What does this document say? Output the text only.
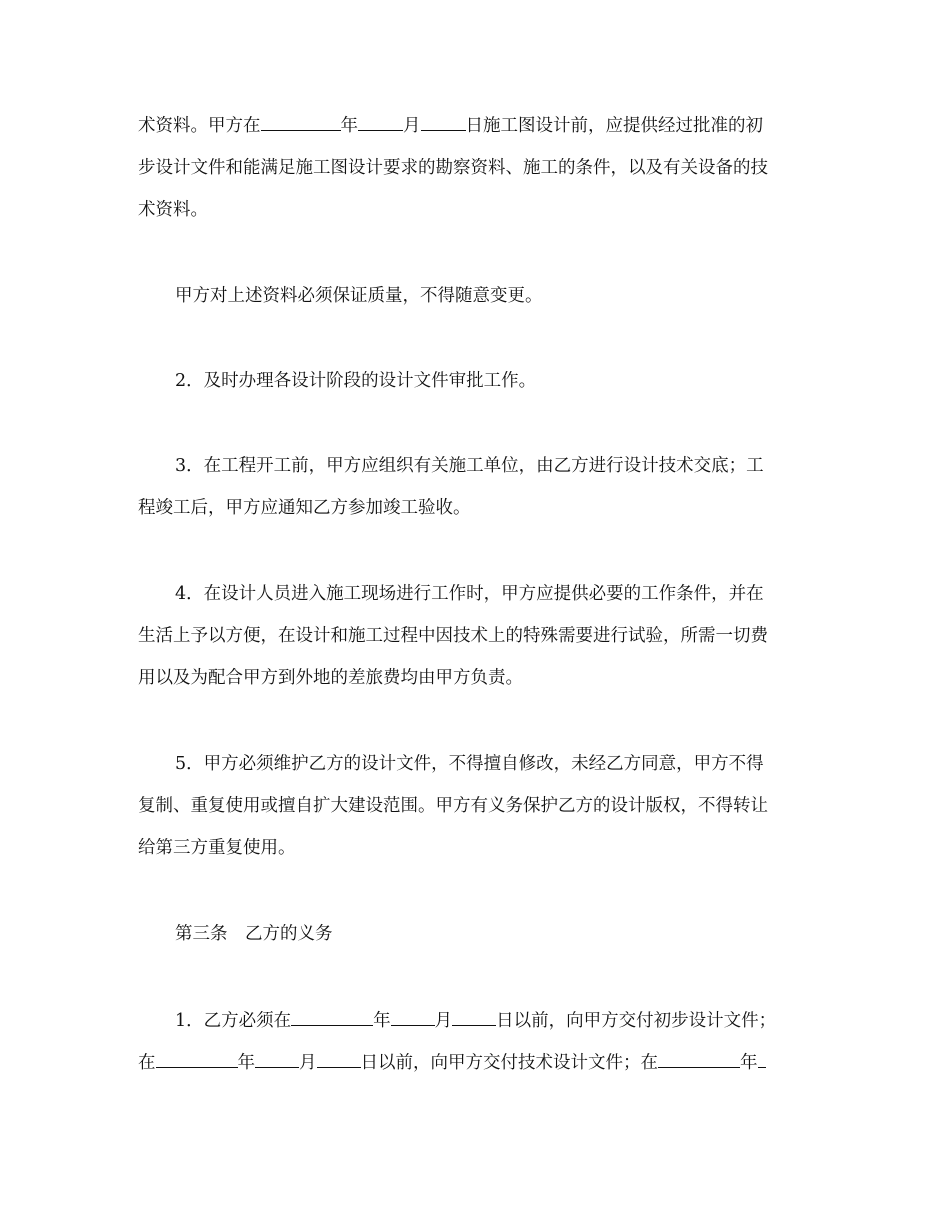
术资料。甲方在	年	月	日施工图设计前，应提供经过批准的初
步设计文件和能满足施工图设计要求的勘察资料、施工的条件，以及有关设备的技
术资料。
甲方对上述资料必须保证质量，不得随意变更。
2．及时办理各设计阶段的设计文件审批工作。
3．在工程开工前，甲方应组织有关施工单位，由乙方进行设计技术交底；工
程竣工后，甲方应通知乙方参加竣工验收。
4．在设计人员进入施工现场进行工作时，甲方应提供必要的工作条件，并在
生活上予以方便，在设计和施工过程中因技术上的特殊需要进行试验，所需一切费
用以及为配合甲方到外地的差旅费均由甲方负责。
5．甲方必须维护乙方的设计文件，不得擅自修改，未经乙方同意，甲方不得
复制、重复使用或擅自扩大建设范围。甲方有义务保护乙方的设计版权，不得转让
给第三方重复使用。
第三条　乙方的义务
1．乙方必须在	年	月	日以前，向甲方交付初步设计文件；
在	年	月	日以前，向甲方交付技术设计文件；在	年
